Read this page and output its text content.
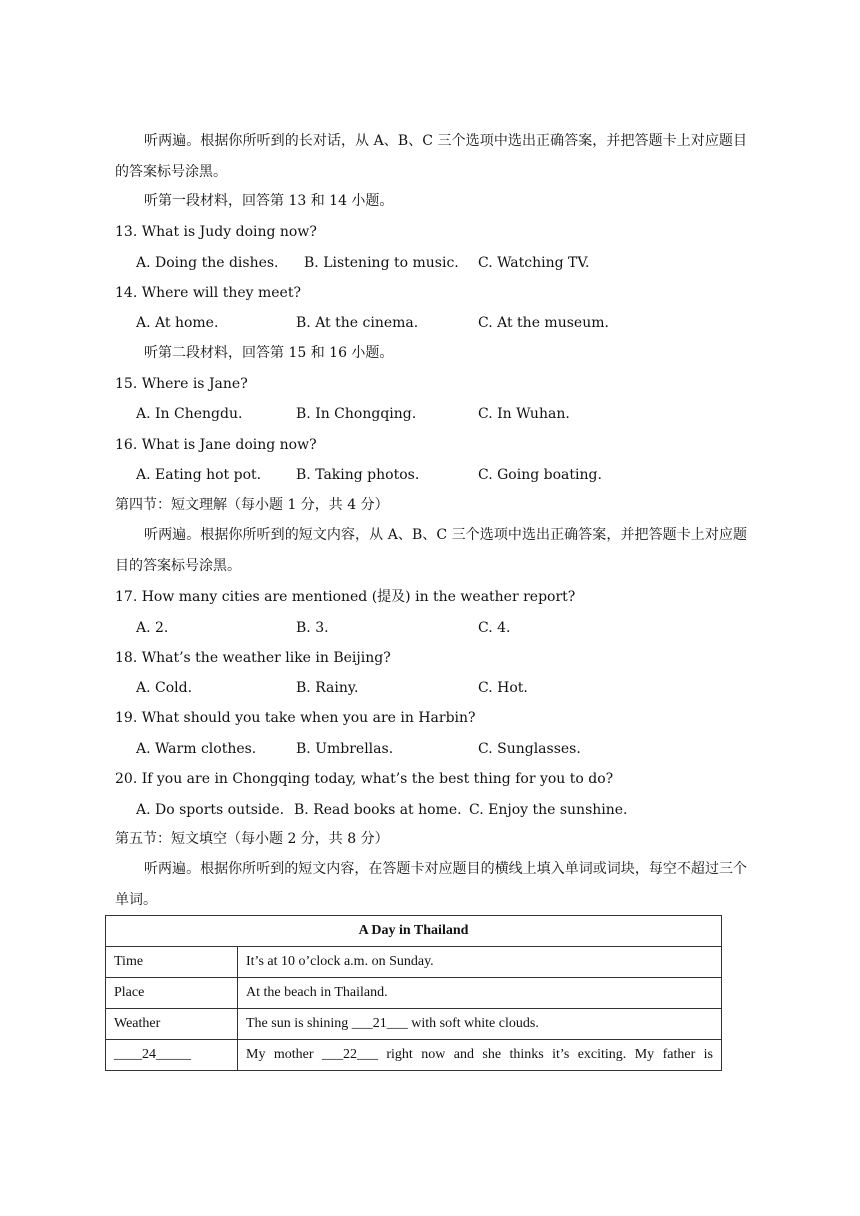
听两遍。根据你所听到的长对话，从 A、B、C 三个选项中选出正确答案，并把答题卡上对应题目的答案标号涂黑。
听第一段材料，回答第 13 和 14 小题。
13. What is Judy doing now?
A. Doing the dishes. B. Listening to music. C. Watching TV.
14. Where will they meet?
A. At home.	B. At the cinema.	C. At the museum.
听第二段材料，回答第 15 和 16 小题。
15. Where is Jane?
A. In Chengdu.	B. In Chongqing.	C. In Wuhan.
16. What is Jane doing now?
A. Eating hot pot. B. Taking photos.	C. Going boating.
第四节：短文理解（每小题 1 分，共 4 分）
听两遍。根据你所听到的短文内容，从 A、B、C 三个选项中选出正确答案，并把答题卡上对应题目的答案标号涂黑。
17. How many cities are mentioned (提及) in the weather report?
A. 2.	B. 3.	C. 4.
18. What’s the weather like in Beijing?
A. Cold.	B. Rainy.	C. Hot.
19. What should you take when you are in Harbin?
A. Warm clothes.	B. Umbrellas.	C. Sunglasses.
20. If you are in Chongqing today, what’s the best thing for you to do?
A. Do sports outside. B. Read books at home. C. Enjoy the sunshine.
第五节：短文填空（每小题 2 分，共 8 分）
听两遍。根据你所听到的短文内容，在答题卡对应题目的横线上填入单词或词块，每空不超过三个单词。
A Day in Thailand	
Time	It’s at 10 o’clock a.m. on Sunday.
Place	At the beach in Thailand.
Weather	The sun is shining ___21___ with soft white clouds.
____24_____	My mother ___22___ right now and she thinks it’s exciting. My father is
